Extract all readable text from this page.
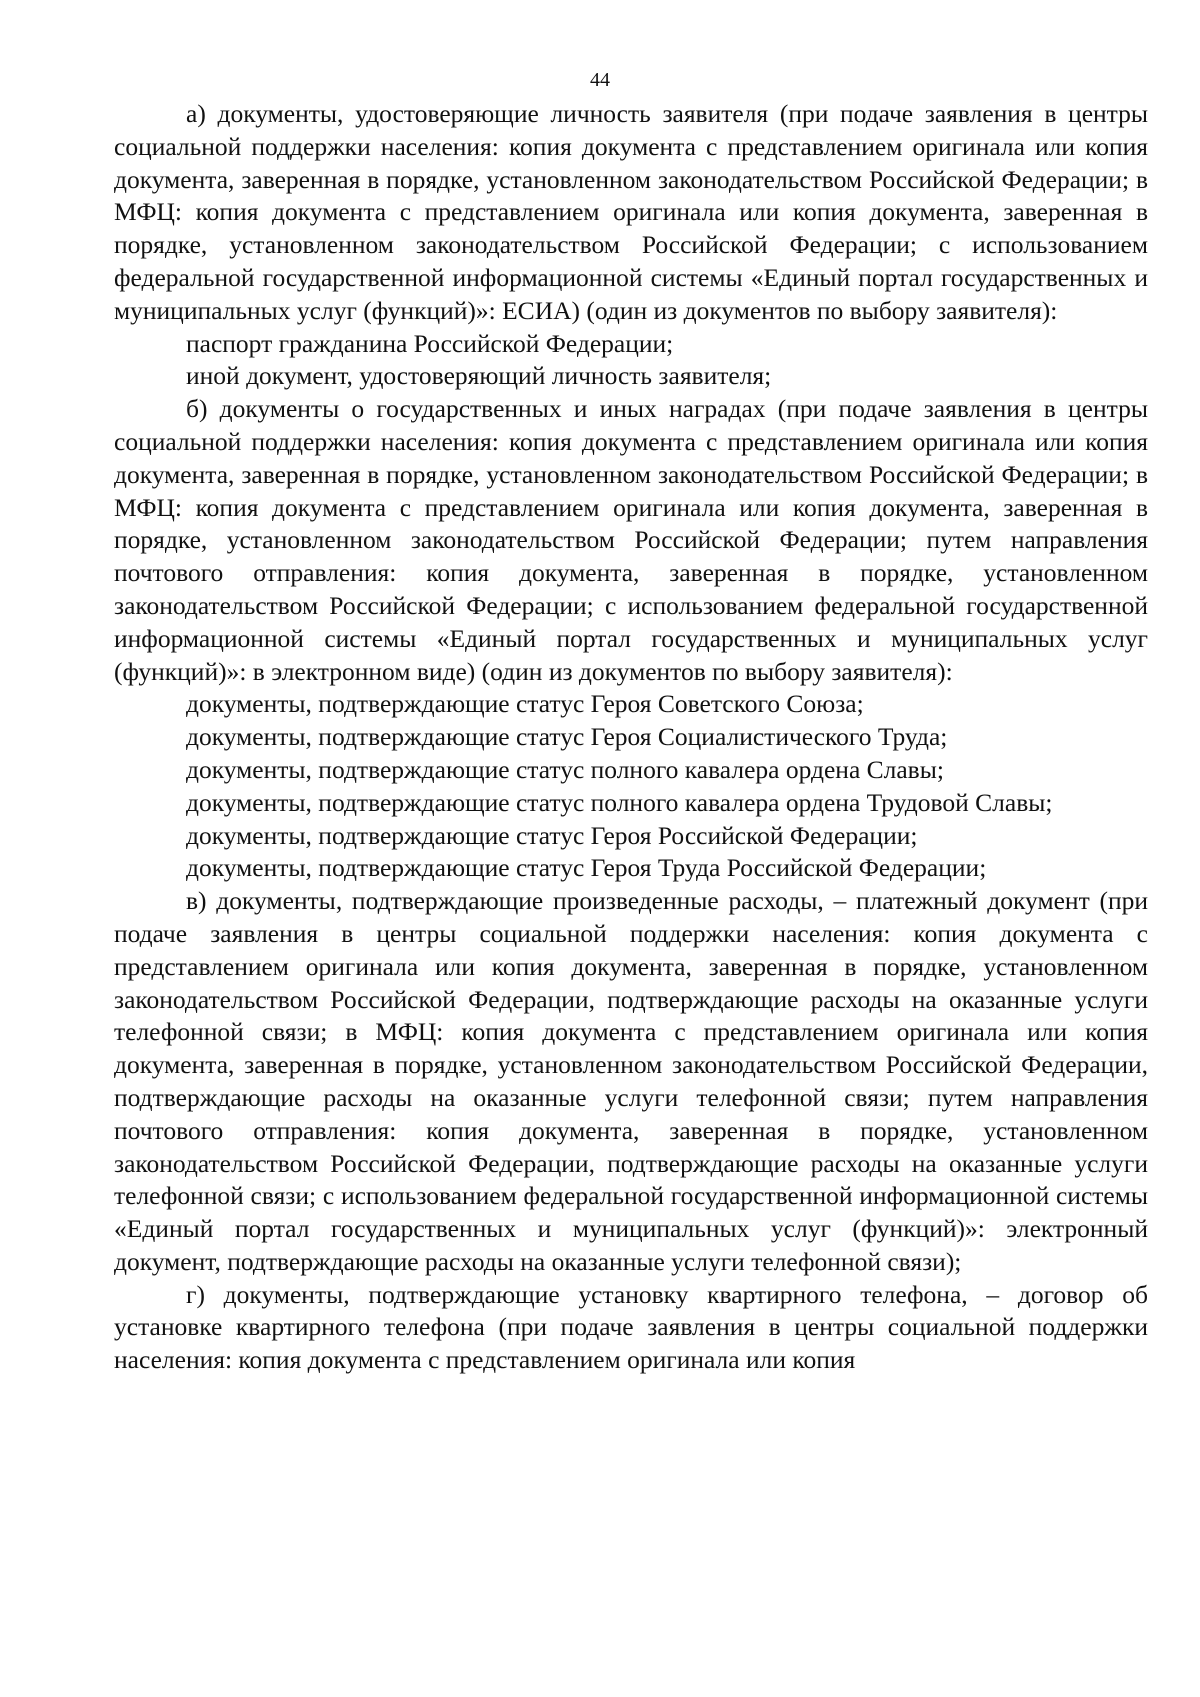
44

а) документы, удостоверяющие личность заявителя (при подаче заявления в центры социальной поддержки населения: копия документа с представлением оригинала или копия документа, заверенная в порядке, установленном законодательством Российской Федерации; в МФЦ: копия документа с представлением оригинала или копия документа, заверенная в порядке, установленном законодательством Российской Федерации; с использованием федеральной государственной информационной системы «Единый портал государственных и муниципальных услуг (функций)»: ЕСИА) (один из документов по выбору заявителя):

паспорт гражданина Российской Федерации;

иной документ, удостоверяющий личность заявителя;

б) документы о государственных и иных наградах (при подаче заявления в центры социальной поддержки населения: копия документа с представлением оригинала или копия документа, заверенная в порядке, установленном законодательством Российской Федерации; в МФЦ: копия документа с представлением оригинала или копия документа, заверенная в порядке, установленном законодательством Российской Федерации; путем направления почтового отправления: копия документа, заверенная в порядке, установленном законодательством Российской Федерации; с использованием федеральной государственной информационной системы «Единый портал государственных и муниципальных услуг (функций)»: в электронном виде) (один из документов по выбору заявителя):

документы, подтверждающие статус Героя Советского Союза;

документы, подтверждающие статус Героя Социалистического Труда;

документы, подтверждающие статус полного кавалера ордена Славы;

документы, подтверждающие статус полного кавалера ордена Трудовой Славы;

документы, подтверждающие статус Героя Российской Федерации;

документы, подтверждающие статус Героя Труда Российской Федерации;

в) документы, подтверждающие произведенные расходы, – платежный документ (при подаче заявления в центры социальной поддержки населения: копия документа с представлением оригинала или копия документа, заверенная в порядке, установленном законодательством Российской Федерации, подтверждающие расходы на оказанные услуги телефонной связи; в МФЦ: копия документа с представлением оригинала или копия документа, заверенная в порядке, установленном законодательством Российской Федерации, подтверждающие расходы на оказанные услуги телефонной связи; путем направления почтового отправления: копия документа, заверенная в порядке, установленном законодательством Российской Федерации, подтверждающие расходы на оказанные услуги телефонной связи; с использованием федеральной государственной информационной системы «Единый портал государственных и муниципальных услуг (функций)»: электронный документ, подтверждающие расходы на оказанные услуги телефонной связи);

г) документы, подтверждающие установку квартирного телефона, – договор об установке квартирного телефона (при подаче заявления в центры социальной поддержки населения: копия документа с представлением оригинала или копия
